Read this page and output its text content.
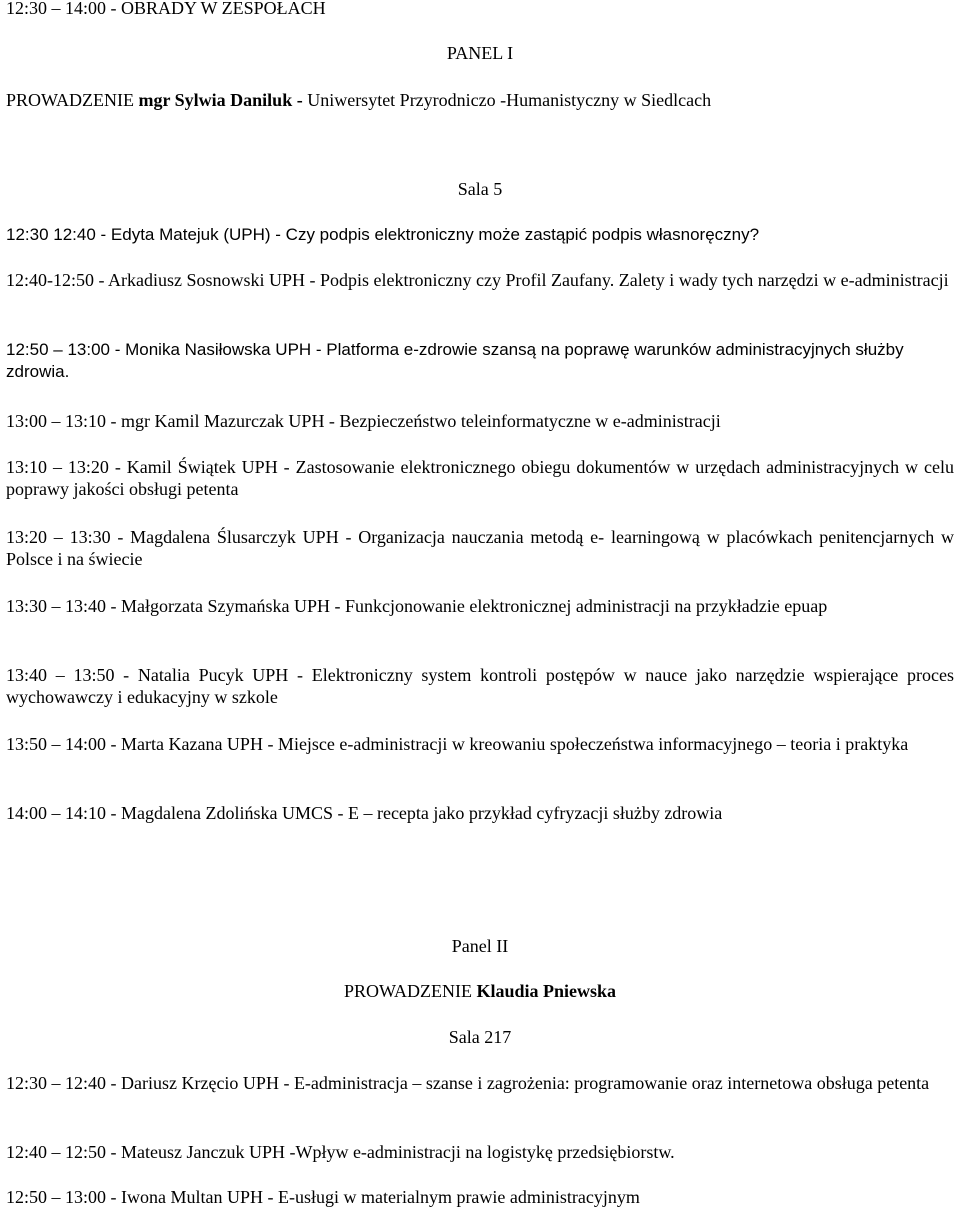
12:30 – 14:00 - OBRADY W ZESPOŁACH
PANEL I
PROWADZENIE mgr Sylwia Daniluk - Uniwersytet Przyrodniczo -Humanistyczny w Siedlcach
Sala 5
12:30 12:40 - Edyta Matejuk (UPH) - Czy podpis elektroniczny może zastąpić podpis własnoręczny?
12:40-12:50 - Arkadiusz Sosnowski UPH - Podpis elektroniczny czy Profil Zaufany. Zalety i wady tych narzędzi w e-administracji
12:50 – 13:00 - Monika Nasiłowska UPH - Platforma e-zdrowie szansą na poprawę warunków administracyjnych służby zdrowia.
13:00 – 13:10 - mgr Kamil Mazurczak UPH - Bezpieczeństwo teleinformatyczne w e-administracji
13:10 – 13:20 - Kamil Świątek UPH - Zastosowanie elektronicznego obiegu dokumentów w urzędach administracyjnych w celu poprawy jakości obsługi petenta
13:20 – 13:30 - Magdalena Ślusarczyk UPH - Organizacja nauczania metodą e- learningową w placówkach penitencjarnych w Polsce i na świecie
13:30 – 13:40 - Małgorzata Szymańska UPH - Funkcjonowanie elektronicznej administracji na przykładzie epuap
13:40 – 13:50 - Natalia Pucyk UPH - Elektroniczny system kontroli postępów w nauce jako narzędzie wspierające proces wychowawczy i edukacyjny w szkole
13:50 – 14:00 - Marta Kazana UPH - Miejsce e-administracji w kreowaniu społeczeństwa informacyjnego – teoria i praktyka
14:00 – 14:10 - Magdalena Zdolińska UMCS - E – recepta jako przykład cyfryzacji służby zdrowia
Panel II
PROWADZENIE Klaudia Pniewska
Sala 217
12:30 – 12:40 - Dariusz Krzęcio UPH - E-administracja – szanse i zagrożenia: programowanie oraz internetowa obsługa petenta
12:40 – 12:50 - Mateusz Janczuk UPH -Wpływ e-administracji na logistykę przedsiębiorstw.
12:50 – 13:00 - Iwona Multan UPH - E-usługi w materialnym prawie administracyjnym
